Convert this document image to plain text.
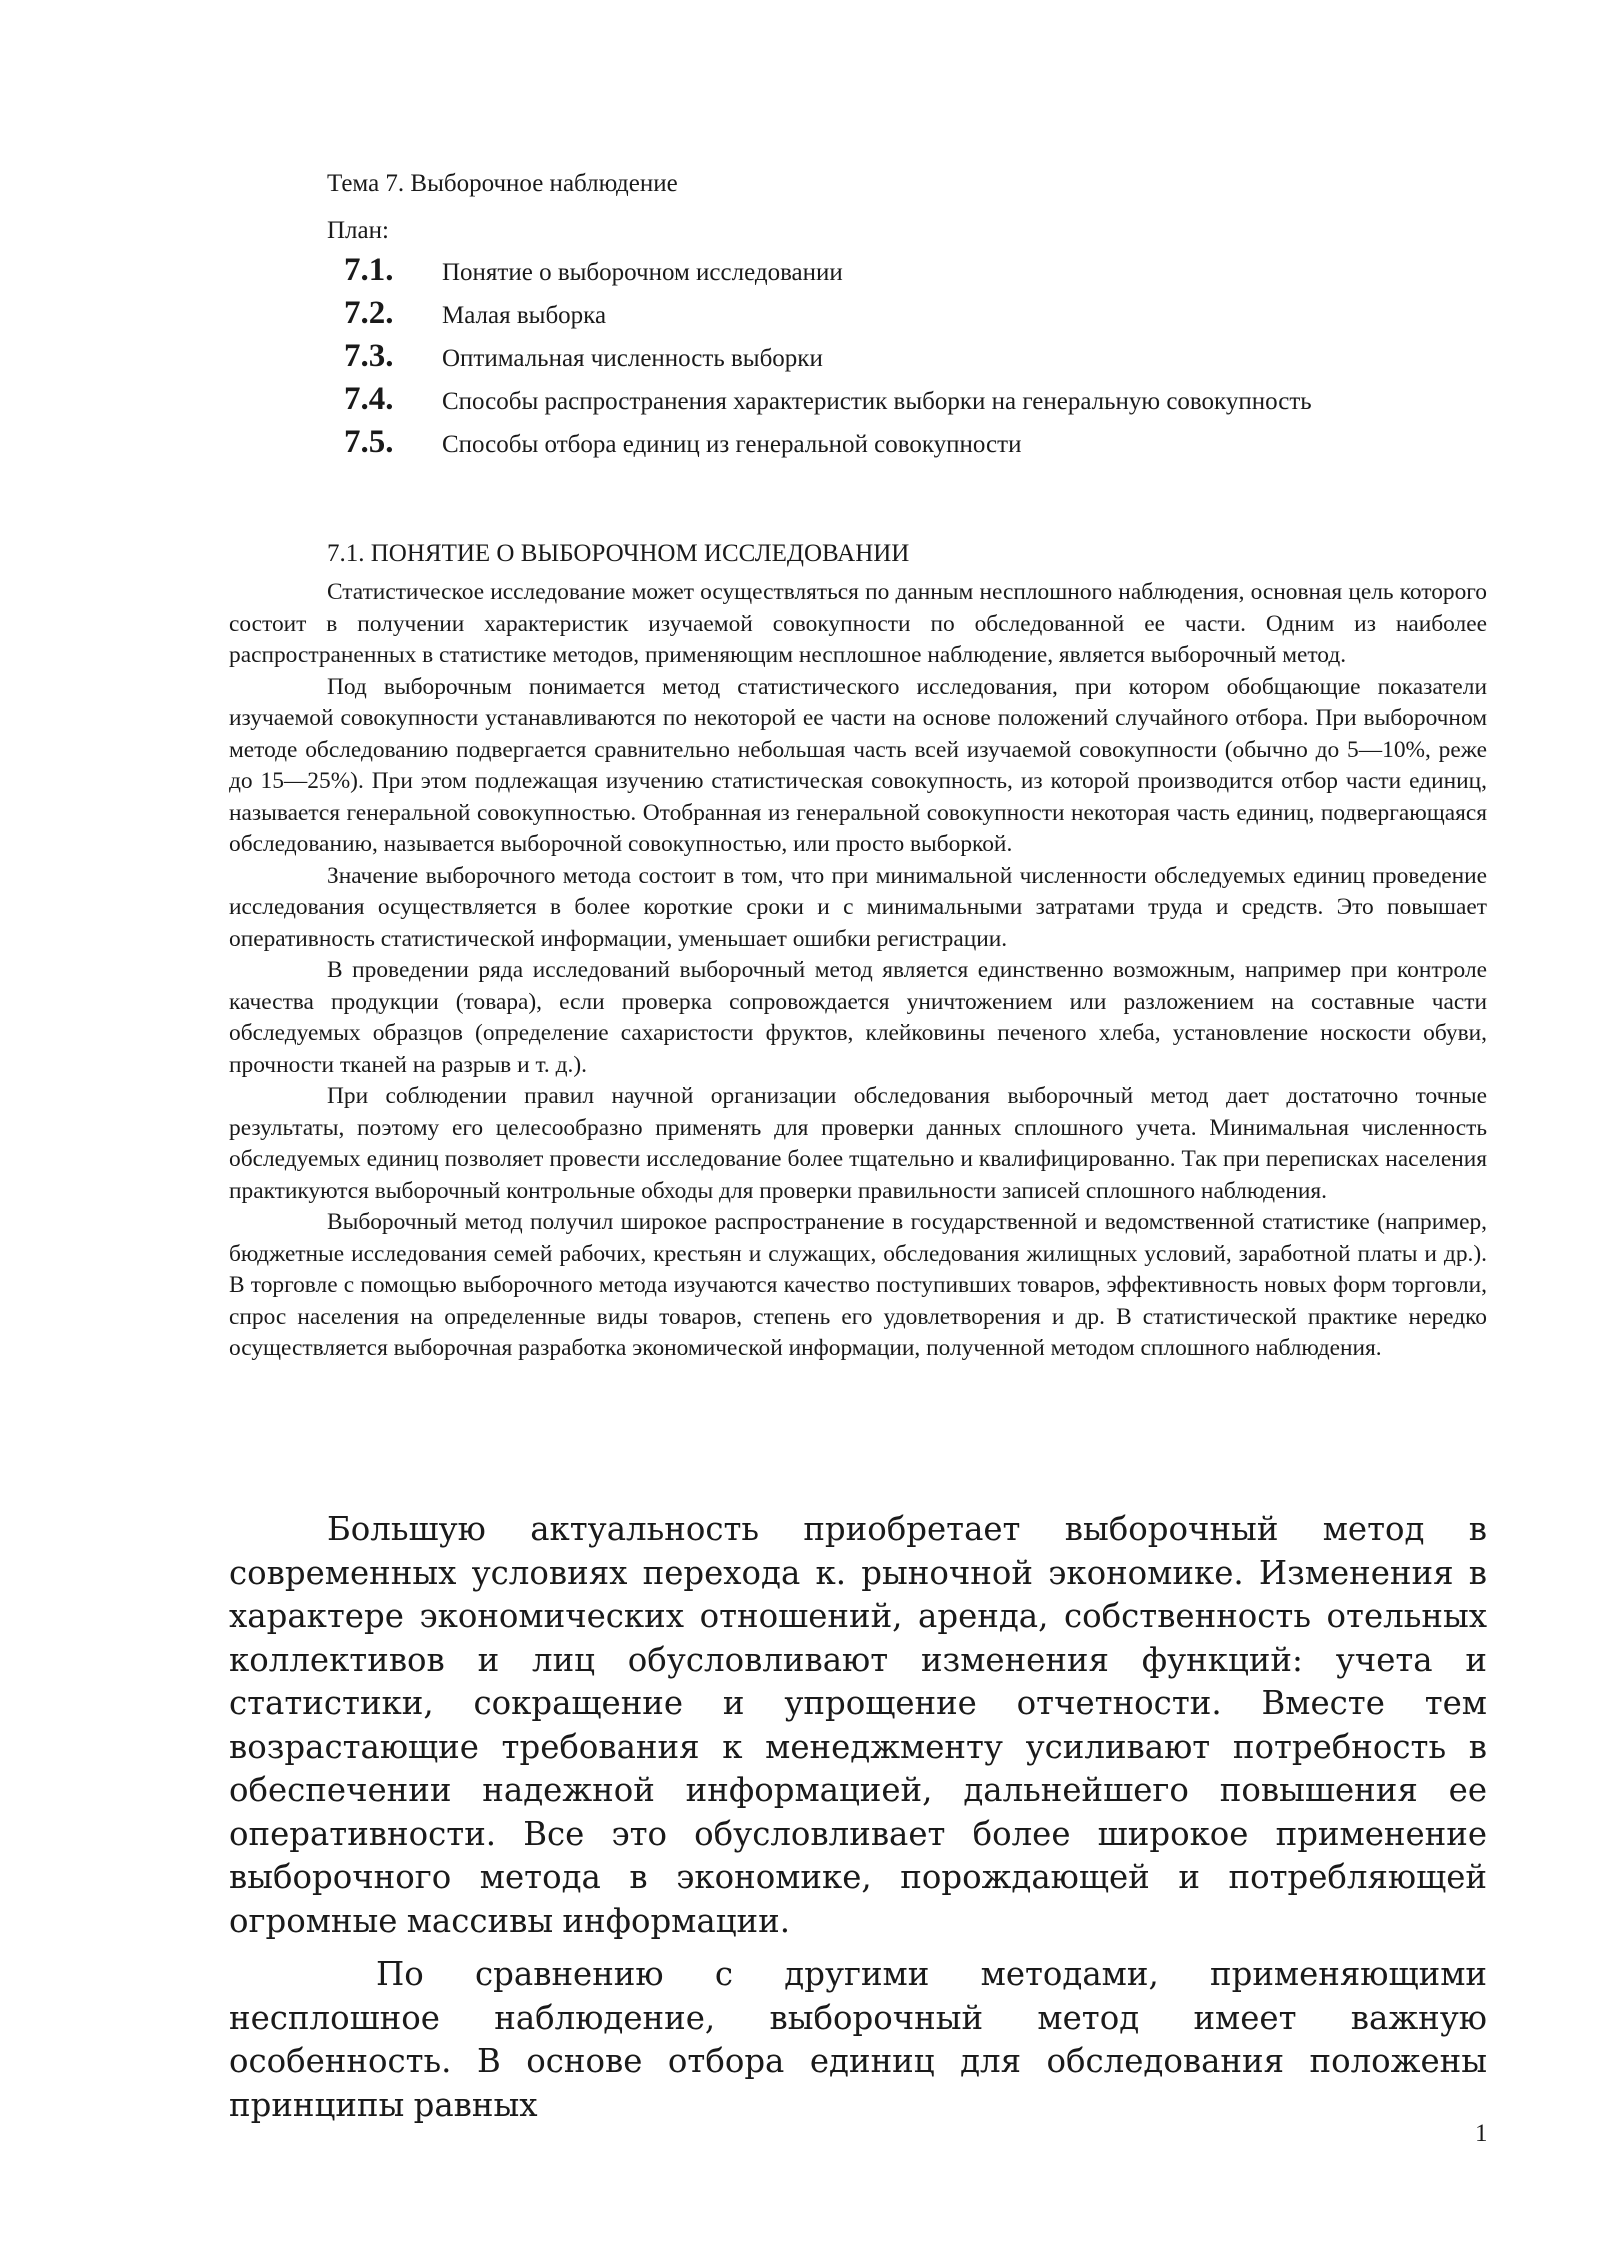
Тема 7. Выборочное наблюдение
План:
7.1.	Понятие о выборочном исследовании
7.2.	Малая выборка
7.3.	Оптимальная численность выборки
7.4.	Способы распространения характеристик выборки на генеральную совокупность
7.5.	Способы отбора единиц из генеральной совокупности
7.1. ПОНЯТИЕ О ВЫБОРОЧНОМ ИССЛЕДОВАНИИ

Статистическое исследование может осуществляться по данным несплошного наблюдения, основная цель которого состоит в получении характеристик изучаемой совокупности по обследованной ее части. Одним из наиболее распространенных в статистике методов, применяющим несплошное наблюдение, является выборочный метод.

Под выборочным понимается метод статистического исследования, при котором обобщающие показатели изучаемой совокупности устанавливаются по некоторой ее части на основе положений случайного отбора. При выборочном методе обследованию подвергается сравнительно небольшая часть всей изучаемой совокупности (обычно до 5—10%, реже до 15—25%). При этом подлежащая изучению статистическая совокупность, из которой производится отбор части единиц, называется генеральной совокупностью. Отобранная из генеральной совокупности некоторая часть единиц, подвергающаяся обследованию, называется выборочной совокупностью, или просто выборкой.

Значение выборочного метода состоит в том, что при минимальной численности обследуемых единиц проведение исследования осуществляется в более короткие сроки и с минимальными затратами труда и средств. Это повышает оперативность статистической информации, уменьшает ошибки регистрации.

В проведении ряда исследований выборочный метод является единственно возможным, например при контроле качества продукции (товара), если проверка сопровождается уничтожением или разложением на составные части обследуемых образцов (определение сахаристости фруктов, клейковины печеного хлеба, установление носкости обуви, прочности тканей на разрыв и т. д.).

При соблюдении правил научной организации обследования выборочный метод дает достаточно точные результаты, поэтому его целесообразно применять для проверки данных сплошного учета. Минимальная численность обследуемых единиц позволяет провести исследование более тщательно и квалифицированно. Так при переписках населения практикуются выборочный контрольные обходы для проверки правильности записей сплошного наблюдения.

Выборочный метод получил широкое распространение в государственной и ведомственной статистике (например, бюджетные исследования семей рабочих, крестьян и служащих, обследования жилищных условий, заработной платы и др.). В торговле с помощью выборочного метода изучаются качество поступивших товаров, эффективность новых форм торговли, спрос населения на определенные виды товаров, степень его удовлетворения и др. В статистической практике нередко осуществляется выборочная разработка экономической информации, полученной методом сплошного наблюдения.

Большую актуальность приобретает выборочный метод в современных условиях перехода к. рыночной экономике. Изменения в характере экономических отношений, аренда, собственность отельных коллективов и лиц обусловливают изменения функций: учета и статистики, сокращение и упрощение отчетности. Вместе тем возрастающие требования к менеджменту усиливают потребность в обеспечении надежной информацией, дальнейшего повышения ее оперативности. Все это обусловливает более широкое применение выборочного метода в экономике, порождающей и потребляющей огромные массивы информации.

По сравнению с другими методами, применяющими несплошное наблюдение, выборочный метод имеет важную особенность. В основе отбора единиц для обследования положены принципы равных

1
